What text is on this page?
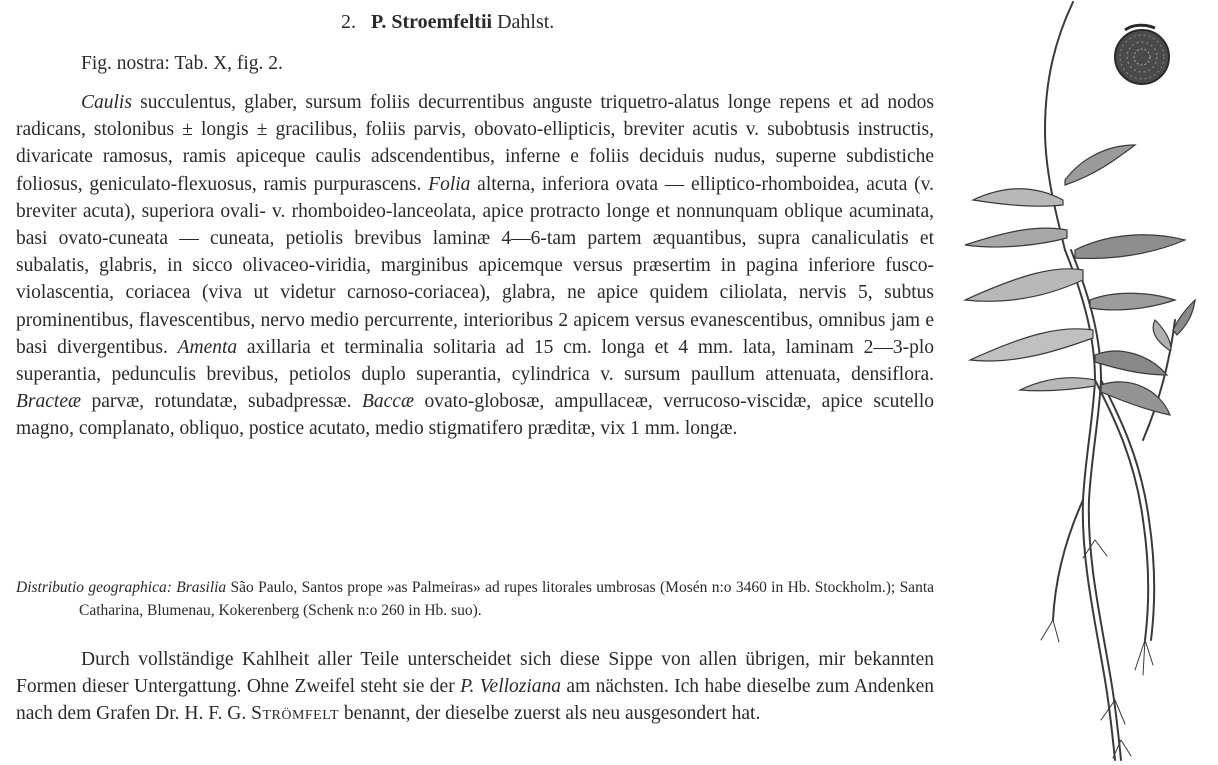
2. P. Stroemfeltii Dahlst.
Fig. nostra: Tab. X, fig. 2.
Caulis succulentus, glaber, sursum foliis decurrentibus anguste triquetro-alatus longe repens et ad nodos radicans, stolonibus ± longis ± gracilibus, foliis parvis, obovato-ellipticis, breviter acutis v. subobtusis instructis, divaricate ramosus, ramis apiceque caulis adscendentibus, inferne e foliis deciduis nudus, superne subdistiche foliosus, geniculato-flexuosus, ramis purpurascens. Folia alterna, inferiora ovata — elliptico-rhomboidea, acuta (v. breviter acuta), superiora ovali- v. rhomboideo-lanceolata, apice protracto longe et nonnunquam oblique acuminata, basi ovato-cuneata — cuneata, petiolis brevibus laminæ 4—6-tam partem æquantibus, supra canaliculatis et subalatis, glabris, in sicco olivaceo-viridia, marginibus apicemque versus præsertim in pagina inferiore fusco-violascentia, coriacea (viva ut videtur carnoso-coriacea), glabra, ne apice quidem ciliolata, nervis 5, subtus prominentibus, flavescentibus, nervo medio percurrente, interioribus 2 apicem versus evanescentibus, omnibus jam e basi divergentibus. Amenta axillaria et terminalia solitaria ad 15 cm. longa et 4 mm. lata, laminam 2—3-plo superantia, pedunculis brevibus, petiolos duplo superantia, cylindrica v. sursum paullum attenuata, densiflora. Bracteæ parvæ, rotundatæ, subadpressæ. Baccæ ovato-globosæ, ampullaceæ, verrucoso-viscidæ, apice scutello magno, complanato, obliquo, postice acutato, medio stigmatifero præditæ, vix 1 mm. longæ.
Distributio geographica: Brasilia São Paulo, Santos prope »as Palmeiras» ad rupes litorales umbrosas (Mosén n:o 3460 in Hb. Stockholm.); Santa Catharina, Blumenau, Kokerenberg (Schenk n:o 260 in Hb. suo).
Durch vollständige Kahlheit aller Teile unterscheidet sich diese Sippe von allen übrigen, mir bekannten Formen dieser Untergattung. Ohne Zweifel steht sie der P. Velloziana am nächsten. Ich habe dieselbe zum Andenken nach dem Grafen Dr. H. F. G. Strömfelt benannt, der dieselbe zuerst als neu ausgesondert hat.
